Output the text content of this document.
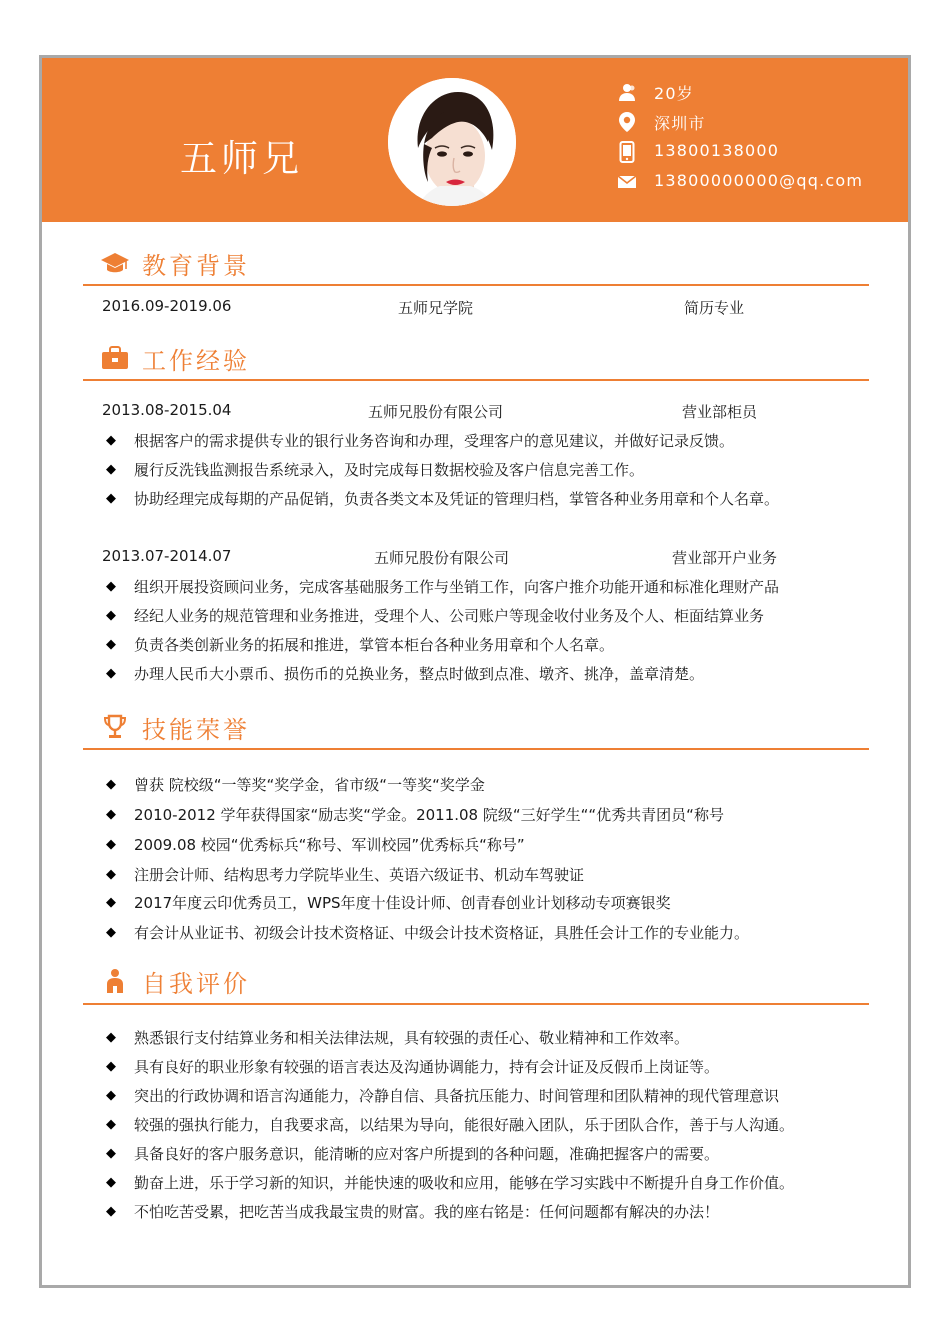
五师兄
20岁
深圳市
13800138000
13800000000@qq.com
教育背景
2016.09-2019.06	五师兄学院	简历专业
工作经验
2013.08-2015.04	五师兄股份有限公司	营业部柜员
◆ 根据客户的需求提供专业的银行业务咨询和办理，受理客户的意见建议，并做好记录反馈。
◆ 履行反洗钱监测报告系统录入，及时完成每日数据校验及客户信息完善工作。
◆ 协助经理完成每期的产品促销，负责各类文本及凭证的管理归档，掌管各种业务用章和个人名章。
2013.07-2014.07	五师兄股份有限公司	营业部开户业务
◆ 组织开展投资顾问业务，完成客基础服务工作与坐销工作，向客户推介功能开通和标准化理财产品
◆ 经纪人业务的规范管理和业务推进，受理个人、公司账户等现金收付业务及个人、柜面结算业务
◆ 负责各类创新业务的拓展和推进，掌管本柜台各种业务用章和个人名章。
◆ 办理人民币大小票币、损伤币的兑换业务，整点时做到点准、墩齐、挑净，盖章清楚。
技能荣誉
◆ 曾获 院校级“一等奖“奖学金，省市级“一等奖“奖学金
◆ 2010-2012 学年获得国家“励志奖“学金。2011.08 院级“三好学生““优秀共青团员“称号
◆ 2009.08 校园“优秀标兵“称号、军训校园”优秀标兵“称号”
◆ 注册会计师、结构思考力学院毕业生、英语六级证书、机动车驾驶证
◆ 2017年度云印优秀员工，WPS年度十佳设计师、创青春创业计划移动专项赛银奖
◆ 有会计从业证书、初级会计技术资格证、中级会计技术资格证，具胜任会计工作的专业能力。
自我评价
◆ 熟悉银行支付结算业务和相关法律法规，具有较强的责任心、敬业精神和工作效率。
◆ 具有良好的职业形象有较强的语言表达及沟通协调能力，持有会计证及反假币上岗证等。
◆ 突出的行政协调和语言沟通能力，冷静自信、具备抗压能力、时间管理和团队精神的现代管理意识
◆ 较强的强执行能力，自我要求高，以结果为导向，能很好融入团队，乐于团队合作，善于与人沟通。
◆ 具备良好的客户服务意识，能清晰的应对客户所提到的各种问题，准确把握客户的需要。
◆ 勤奋上进，乐于学习新的知识，并能快速的吸收和应用，能够在学习实践中不断提升自身工作价值。
◆ 不怕吃苦受累，把吃苦当成我最宝贵的财富。我的座右铭是：任何问题都有解决的办法！
